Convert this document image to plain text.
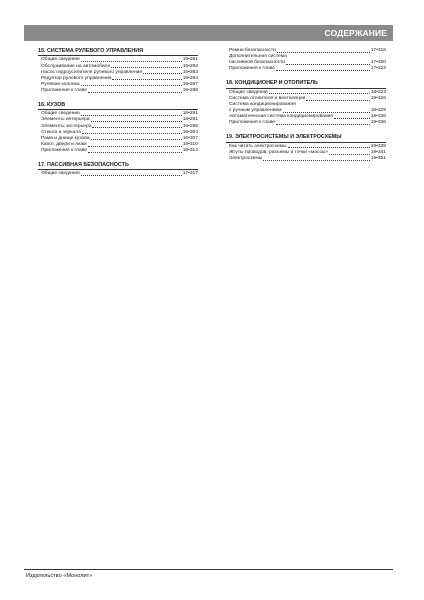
СОДЕРЖАНИЕ
15. СИСТЕМА РУЛЕВОГО УПРАВЛЕНИЯ
Общие сведения	15•281
Обслуживание на автомобиле	15•282
Насос гидроусилителя рулевого управления	15•283
Редуктор рулевого управления	15•284
Рулевая колонка	15•287
Приложения к главе	15•288
16. КУЗОВ
Общие сведения	16•291
Элементы интерьера	16•291
Элементы экстерьера	16•298
Стекла и зеркала	16•304
Рама и днище кузова	16•307
Капот, двери и люки	16•310
Приложения к главе	16•314
17. ПАССИВНАЯ БЕЗОПАСНОСТЬ
Общие сведения	17•317
Ремни безопасности	17•318
Дополнительная система
пассивной безопасности	17•320
Приложения к главе	17•322
18. КОНДИЦИОНЕР И ОТОПИТЕЛЬ
Общие сведения	18•323
Система отопителя и вентиляции	18•326
Система кондиционирования
с ручным управлением	18•329
Автоматическая система кондиционирования	18•336
Приложения к главе	18•336
19. ЭЛЕКТРОСИСТЕМЫ И ЭЛЕКТРОСХЕМЫ
Как читать электросхемы	19•339
Жгуты проводов, разъемы и точки «массы»	19•341
Электросхемы	19•351
Издательство «Монолит»
